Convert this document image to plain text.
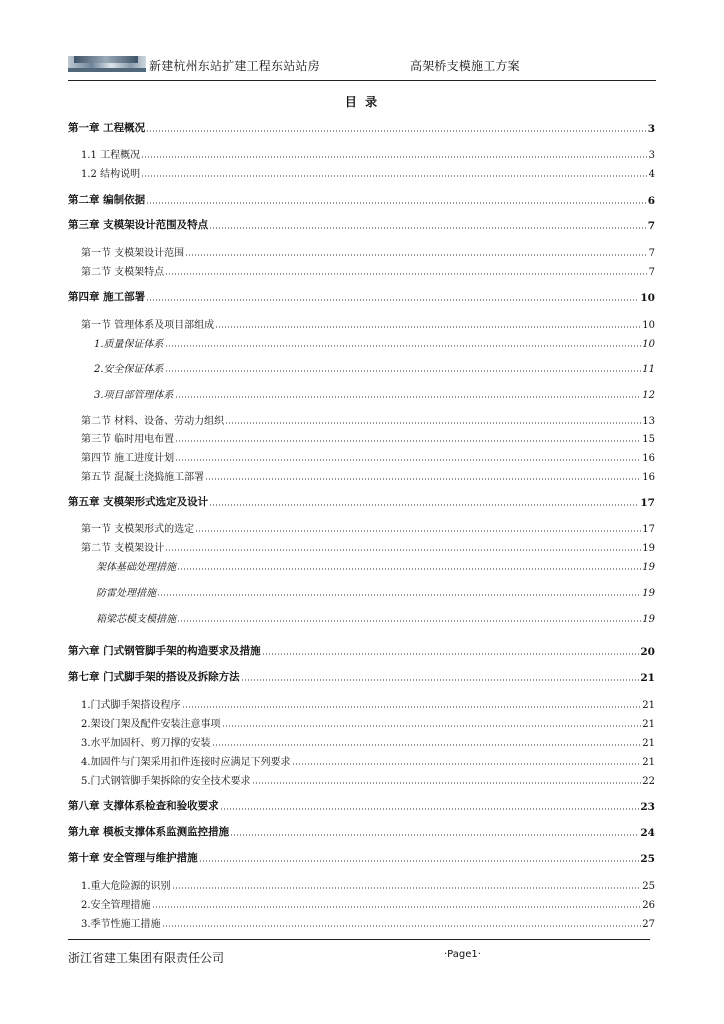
新建杭州东站扩建工程东站站房	高架桥支模施工方案
目 录
第一章 工程概况	3
1.1 工程概况	3
1.2 结构说明	4
第二章 编制依据	6
第三章 支模架设计范围及特点	7
第一节 支模架设计范围	7
第二节 支模架特点	7
第四章 施工部署	10
第一节 管理体系及项目部组成	10
1.质量保证体系	10
2.安全保证体系	11
3.项目部管理体系	12
第二节 材料、设备、劳动力组织	13
第三节 临时用电布置	15
第四节 施工进度计划	16
第五节 混凝土浇捣施工部署	16
第五章 支模架形式选定及设计	17
第一节 支模架形式的选定	17
第二节 支模架设计	19
架体基础处理措施	19
防雷处理措施	19
箱梁芯模支模措施	19
第六章 门式钢管脚手架的构造要求及措施	20
第七章 门式脚手架的搭设及拆除方法	21
1.门式脚手架搭设程序	21
2.架设门架及配件安装注意事项	21
3.水平加固杆、剪刀撑的安装	21
4.加固件与门架采用扣件连接时应满足下列要求	21
5.门式钢管脚手架拆除的安全技术要求	22
第八章 支撑体系检查和验收要求	23
第九章 模板支撑体系监测监控措施	24
第十章 安全管理与维护措施	25
1.重大危险源的识别	25
2.安全管理措施	26
3.季节性施工措施	27
浙江省建工集团有限责任公司	·Page1·
